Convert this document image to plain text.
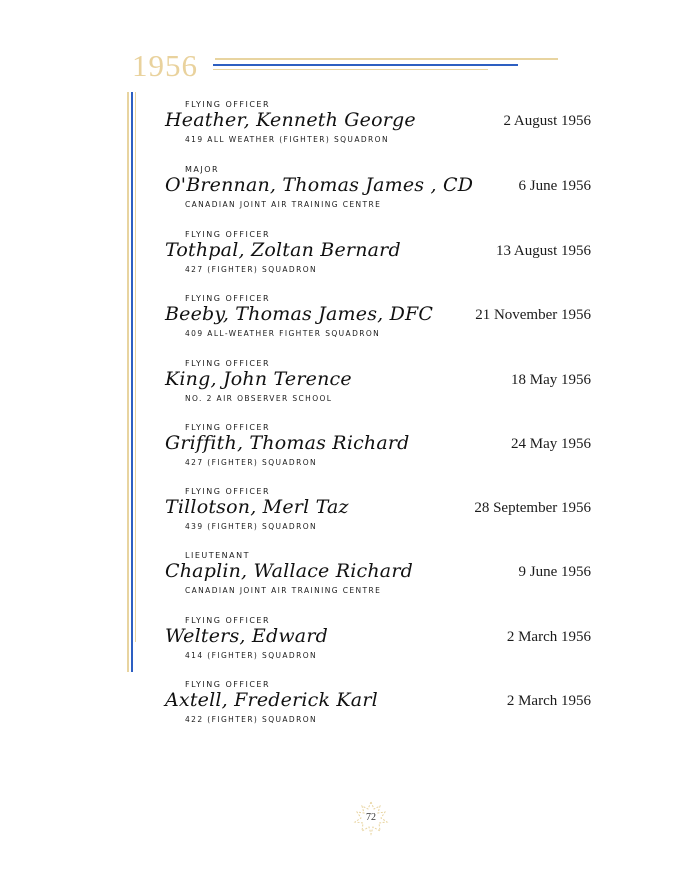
1956
FLYING OFFICER
Heather, Kenneth George
419 ALL WEATHER (FIGHTER) SQUADRON
2 August 1956
MAJOR
O'Brennan, Thomas James , CD
CANADIAN JOINT AIR TRAINING CENTRE
6 June 1956
FLYING OFFICER
Tothpal, Zoltan Bernard
427 (FIGHTER) SQUADRON
13 August 1956
FLYING OFFICER
Beeby, Thomas James, DFC
409 ALL-WEATHER FIGHTER SQUADRON
21 November 1956
FLYING OFFICER
King, John Terence
NO. 2 AIR OBSERVER SCHOOL
18 May 1956
FLYING OFFICER
Griffith, Thomas Richard
427 (FIGHTER) SQUADRON
24 May 1956
FLYING OFFICER
Tillotson, Merl Taz
439 (FIGHTER) SQUADRON
28 September 1956
LIEUTENANT
Chaplin, Wallace Richard
CANADIAN JOINT AIR TRAINING CENTRE
9 June 1956
FLYING OFFICER
Welters, Edward
414 (FIGHTER) SQUADRON
2 March 1956
FLYING OFFICER
Axtell, Frederick Karl
422 (FIGHTER) SQUADRON
2 March 1956
72
